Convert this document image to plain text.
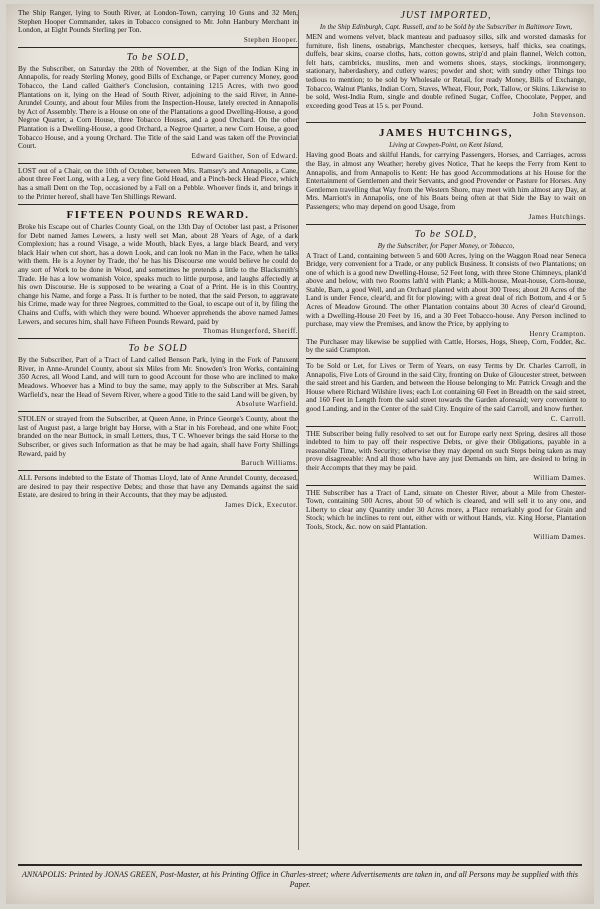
The Ship Ranger, lying to South River, at London-Town, carrying 10 Guns and 32 Men, Stephen Hooper Commander, takes in Tobacco consigned to Mr. John Hanbury Merchant in London, at Eight Pounds Sterling per Ton.

Stephen Hooper.
To be SOLD,

By the Subscriber, on Saturday the 20th of November, at the Sign of the Indian King in Annapolis, for ready Sterling Money, good Bills of Exchange, or Paper currency Money, good Tobacco, the Land called Gaither's Conclusion, containing 1215 Acres, with two good Plantations on it, lying on the Head of South River, adjoining to the said River, in Anne-Arundel County, and about four Miles from the Inspection-House, lately erected in Annapolis by Act of Assembly. There is a House on one of the Plantations a good Dwelling-House, a good Negroe Quarter, a Corn House, three Tobacco Houses, and a good Orchard. On the other Plantation is a Dwelling-House, a good Orchard, a Negroe Quarter, a new Corn House, a good Tobacco House, and a young Orchard. The Title of the said Land was taken off the Provincial Court.

Edward Gaither, Son of Edward.

LOST out of a Chair, on the 10th of October, between Mrs. Ramsey's and Annapolis, a Cane, about three Feet Long, with a Leg, a very fine Gold Head, and a Pinch-beck Head Piece, which has a small Dent on the Top, occasioned by a Fall on a Pebble. Whoever finds it, and brings it to the Printer hereof, shall have Ten Shillings Reward.

FIFTEEN POUNDS REWARD.

Broke his Escape out of Charles County Goal, on the 13th Day of October last past, a Prisoner for Debt named James Lewers, a lusty well set Man, about 28 Years of Age, of a dark Complexion; has a round Visage, a wide Mouth, black Eyes, a large black Beard, and very black Hair when cut short, has a down Look, and can look no Man in the Face, when he talks with them. He is a Joyner by Trade, tho' he has his Discourse one would believe he could do any sort of Work to be done in Wood, and sometimes he pretends a little to the Blacksmith's Trade. He has a low womanish Voice, speaks much to little purpose, and laughs affectedly at his own Discourse. He is supposed to be wearing a Coat of a Print. He is in this Country, change his Name, and forge a Pass. It is further to be noted, that the said Person, to aggravate his Crime, made way for three Negroes, committed to the Goal, to escape out of it, by filing the Chains and Cuffs, with which they were bound. Whoever apprehends the above named James Lewers, and secures him, shall have Fifteen Pounds Reward, paid by

Thomas Hungerford, Sheriff.
To be SOLD

By the Subscriber, Part of a Tract of Land called Benson Park, lying in the Fork of Patuxent River, in Anne-Arundel County, about six Miles from Mr. Snowden's Iron Works, containing 350 Acres, all Wood Land, and will turn to good Account for those who are inclined to make Meadows. Whoever has a Mind to buy the same, may apply to the Subscriber at Mrs. Sarah Warfield's, near the Head of Severn River, where a good Title to the said Land will be given, by

Absolute Warfield.

STOLEN or strayed from the Subscriber, at Queen Anne, in Prince George's County, about the last of August past, a large bright bay Horse, with a Star in his Forehead, and one white Foot; branded on the near Buttock, in small Letters, thus, T C. Whoever brings the said Horse to the Subscriber, or gives such Information as that he may be had again, shall have Forty Shillings Reward, paid by

Baruch Williams.

ALL Persons indebted to the Estate of Thomas Lloyd, late of Anne Arundel County, deceased, are desired to pay their respective Debts; and those that have any Demands against the said Estate, are desired to bring in their Accounts, that they may be adjusted.

James Dick, Executor.
JUST IMPORTED,
In the Ship Edinburgh, Capt. Russell, and to be Sold by the Subscriber in Baltimore Town,

MEN and womens velvet, black manteau and paduasoy silks, silk and worsted damasks for furniture, fish linens, osnabrigs, Manchester checques, kerseys, half thicks, sea coatings, duffels, bear skins, coarse cloths, hats, cotton gowns, strip'd and plain flannel, Welch cotton, felt hats, cambricks, muslins, men and womens shoes, stays, stockings, ironmongery, stationary, haberdashery, and cutlery wares; powder and shot; with sundry other Things too tedious to mention; to be sold by Wholesale or Retail, for ready Money, Bills of Exchange, Tobacco, Walnut Planks, Indian Corn, Staves, Wheat, Flour, Pork, Tallow, or Skins. Likewise to be sold, West-India Rum, single and double refined Sugar, Coffee, Chocolate, Pepper, and exceeding good Teas at 15 s. per Pound.

John Stevenson.
JAMES HUTCHINGS,
Living at Cowpen-Point, on Kent Island,

Having good Boats and skilful Hands, for carrying Passengers, Horses, and Carriages, across the Bay, in almost any Weather; hereby gives Notice, That he keeps the Ferry from Kent to Annapolis, and from Annapolis to Kent: He has good Accommodations at his House for the Entertainment of Gentlemen and their Servants, and good Provender or Pasture for Horses. Any Gentlemen travelling that Way from the Western Shore, may meet with him almost any Day, at Mrs. Marriott's in Annapolis, one of his Boats being often at that Side the Bay to wait on Passengers; who may depend on good Usage, from

James Hutchings.
To be SOLD,
By the Subscriber, for Paper Money, or Tobacco,

A Tract of Land, containing between 5 and 600 Acres, lying on the Waggon Road near Seneca Bridge, very convenient for a Trade, or any publick Business. It consists of two Plantations; on one of which is a good new Dwelling-House, 52 Feet long, with three Stone Chimneys, plank'd above and below, with two Rooms lath'd with Plank; a Milk-house, Meat-house, Corn-house, Stable, Barn, a good Well, and an Orchard planted with about 300 Trees; about 20 Acres of the Land is under Fence, clear'd, and fit for plowing; with a great deal of rich Bottom, and 4 or 5 Acres of Meadow Ground. The other Plantation contains about 30 Acres of clear'd Ground, with a Dwelling-House 20 Feet by 16, and a 30 Feet Tobacco-house. Any Person inclined to purchase, may view the Premises, and know the Price, by applying to

Henry Crampton.

The Purchaser may likewise be supplied with Cattle, Horses, Hogs, Sheep, Corn, Fodder, &c. by the said Crampton.

To be Sold or Let, for Lives or Term of Years, on easy Terms by Dr. Charles Carroll, in Annapolis, Five Lots of Ground in the said City, fronting on Duke of Gloucester street, between the said street and his Garden, and between the House belonging to Mr. Patrick Creagh and the House where Richard Wilshire lives; each Lot containing 60 Feet in Breadth on the said street, and 160 Feet in Length from the said street towards the Garden aforesaid; very convenient to good Landing, and in the Center of the said City. Enquire of the said Carroll, and know further.

C. Carroll.

THE Subscriber being fully resolved to set out for Europe early next Spring, desires all those indebted to him to pay off their respective Debts, or give their Obligations, payable in a reasonable Time, with Security; otherwise they may depend on such Steps being taken as may prove disagreeable: And all those who have any just Demands on him, are desired to bring in their Accompts that they may be paid.

William Dames.

THE Subscriber has a Tract of Land, situate on Chester River, about a Mile from Chester-Town, containing 500 Acres, about 50 of which is cleared, and will sell it to any one, and Liberty to clear any Quantity under 30 Acres more, a Place remarkably good for Grain and Stock; which he inclines to rent out, either with or without Hands, viz. King Horse, Plantation Tools, Stock, &c. now on said Plantation.

William Dames.
ANNAPOLIS: Printed by JONAS GREEN, Post-Master, at his Printing Office in Charles-street; where Advertisements are taken in, and all Persons may be supplied with this Paper.
